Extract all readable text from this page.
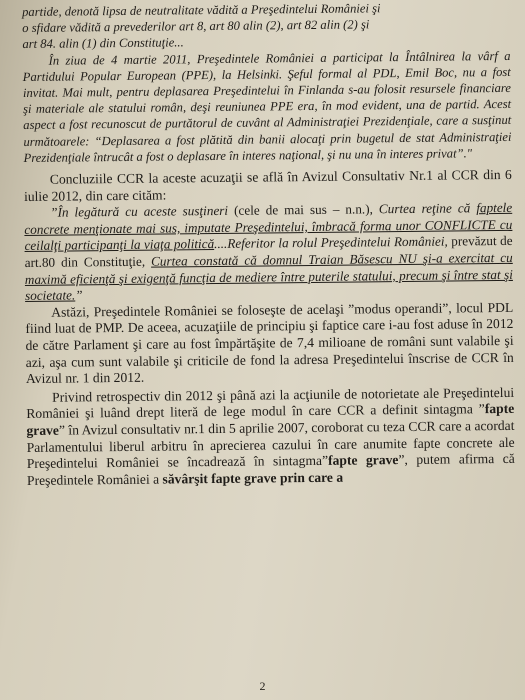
partide, denotă lipsa de neutralitate vădită a Preşedintelui României şi

o sfidare vădită a prevederilor art 8, art 80 alin (2), art 82 alin (2) şi

art 84. alin (1) din Constituţie...

În ziua de 4 martie 2011, Preşedintele României a participat la Întâlnirea la vârf a Partidului Popular European (PPE), la Helsinki. Şeful formal al PDL, Emil Boc, nu a fost invitat. Mai mult, pentru deplasarea Preşedintelui în Finlanda s-au folosit resursele financiare şi materiale ale statului român, deşi reuniunea PPE era, în mod evident, una de partid. Acest aspect a fost recunoscut de purtătorul de cuvânt al Administraţiei Prezidenţiale, care a susţinut următoarele: “Deplasarea a fost plătită din banii alocaţi prin bugetul de stat Administraţiei Prezidenţiale întrucât a fost o deplasare în interes naţional, şi nu una în interes privat”."

Concluziile CCR la aceste acuzaţii se află în Avizul Consultativ Nr.1 al CCR din 6 iulie 2012, din care cităm:

”În legătură cu aceste susţineri (cele de mai sus – n.n.), Curtea reţine că faptele concrete menţionate mai sus, imputate Preşedintelui, îmbracă forma unor CONFLICTE cu ceilalţi participanţi la viaţa politică....Referitor la rolul Preşedintelui României, prevăzut de art.80 din Constituţie, Curtea constată că domnul Traian Băsescu NU şi-a exercitat cu maximă eficienţă şi exigenţă funcţia de mediere între puterile statului, precum şi între stat şi societate.”

Astăzi, Preşedintele României se foloseşte de acelaşi ”modus operandi”, locul PDL fiind luat de PMP. De aceea, acuzaţiile de principiu şi faptice care i-au fost aduse în 2012 de către Parlament şi care au fost împărtăşite de 7,4 milioane de români sunt valabile şi azi, aşa cum sunt valabile şi criticile de fond la adresa Preşedintelui înscrise de CCR în Avizul nr. 1 din 2012.

Privind retrospectiv din 2012 şi până azi la acţiunile de notorietate ale Preşedintelui României şi luând drept literă de lege modul în care CCR a definit sintagma ”fapte grave” în Avizul consultativ nr.1 din 5 aprilie 2007, coroborat cu teza CCR care a acordat Parlamentului liberul arbitru în aprecierea cazului în care anumite fapte concrete ale Preşedintelui României se încadrează în sintagma”fapte grave”, putem afirma că Preşedintele României a săvârşit fapte grave prin care a

2
